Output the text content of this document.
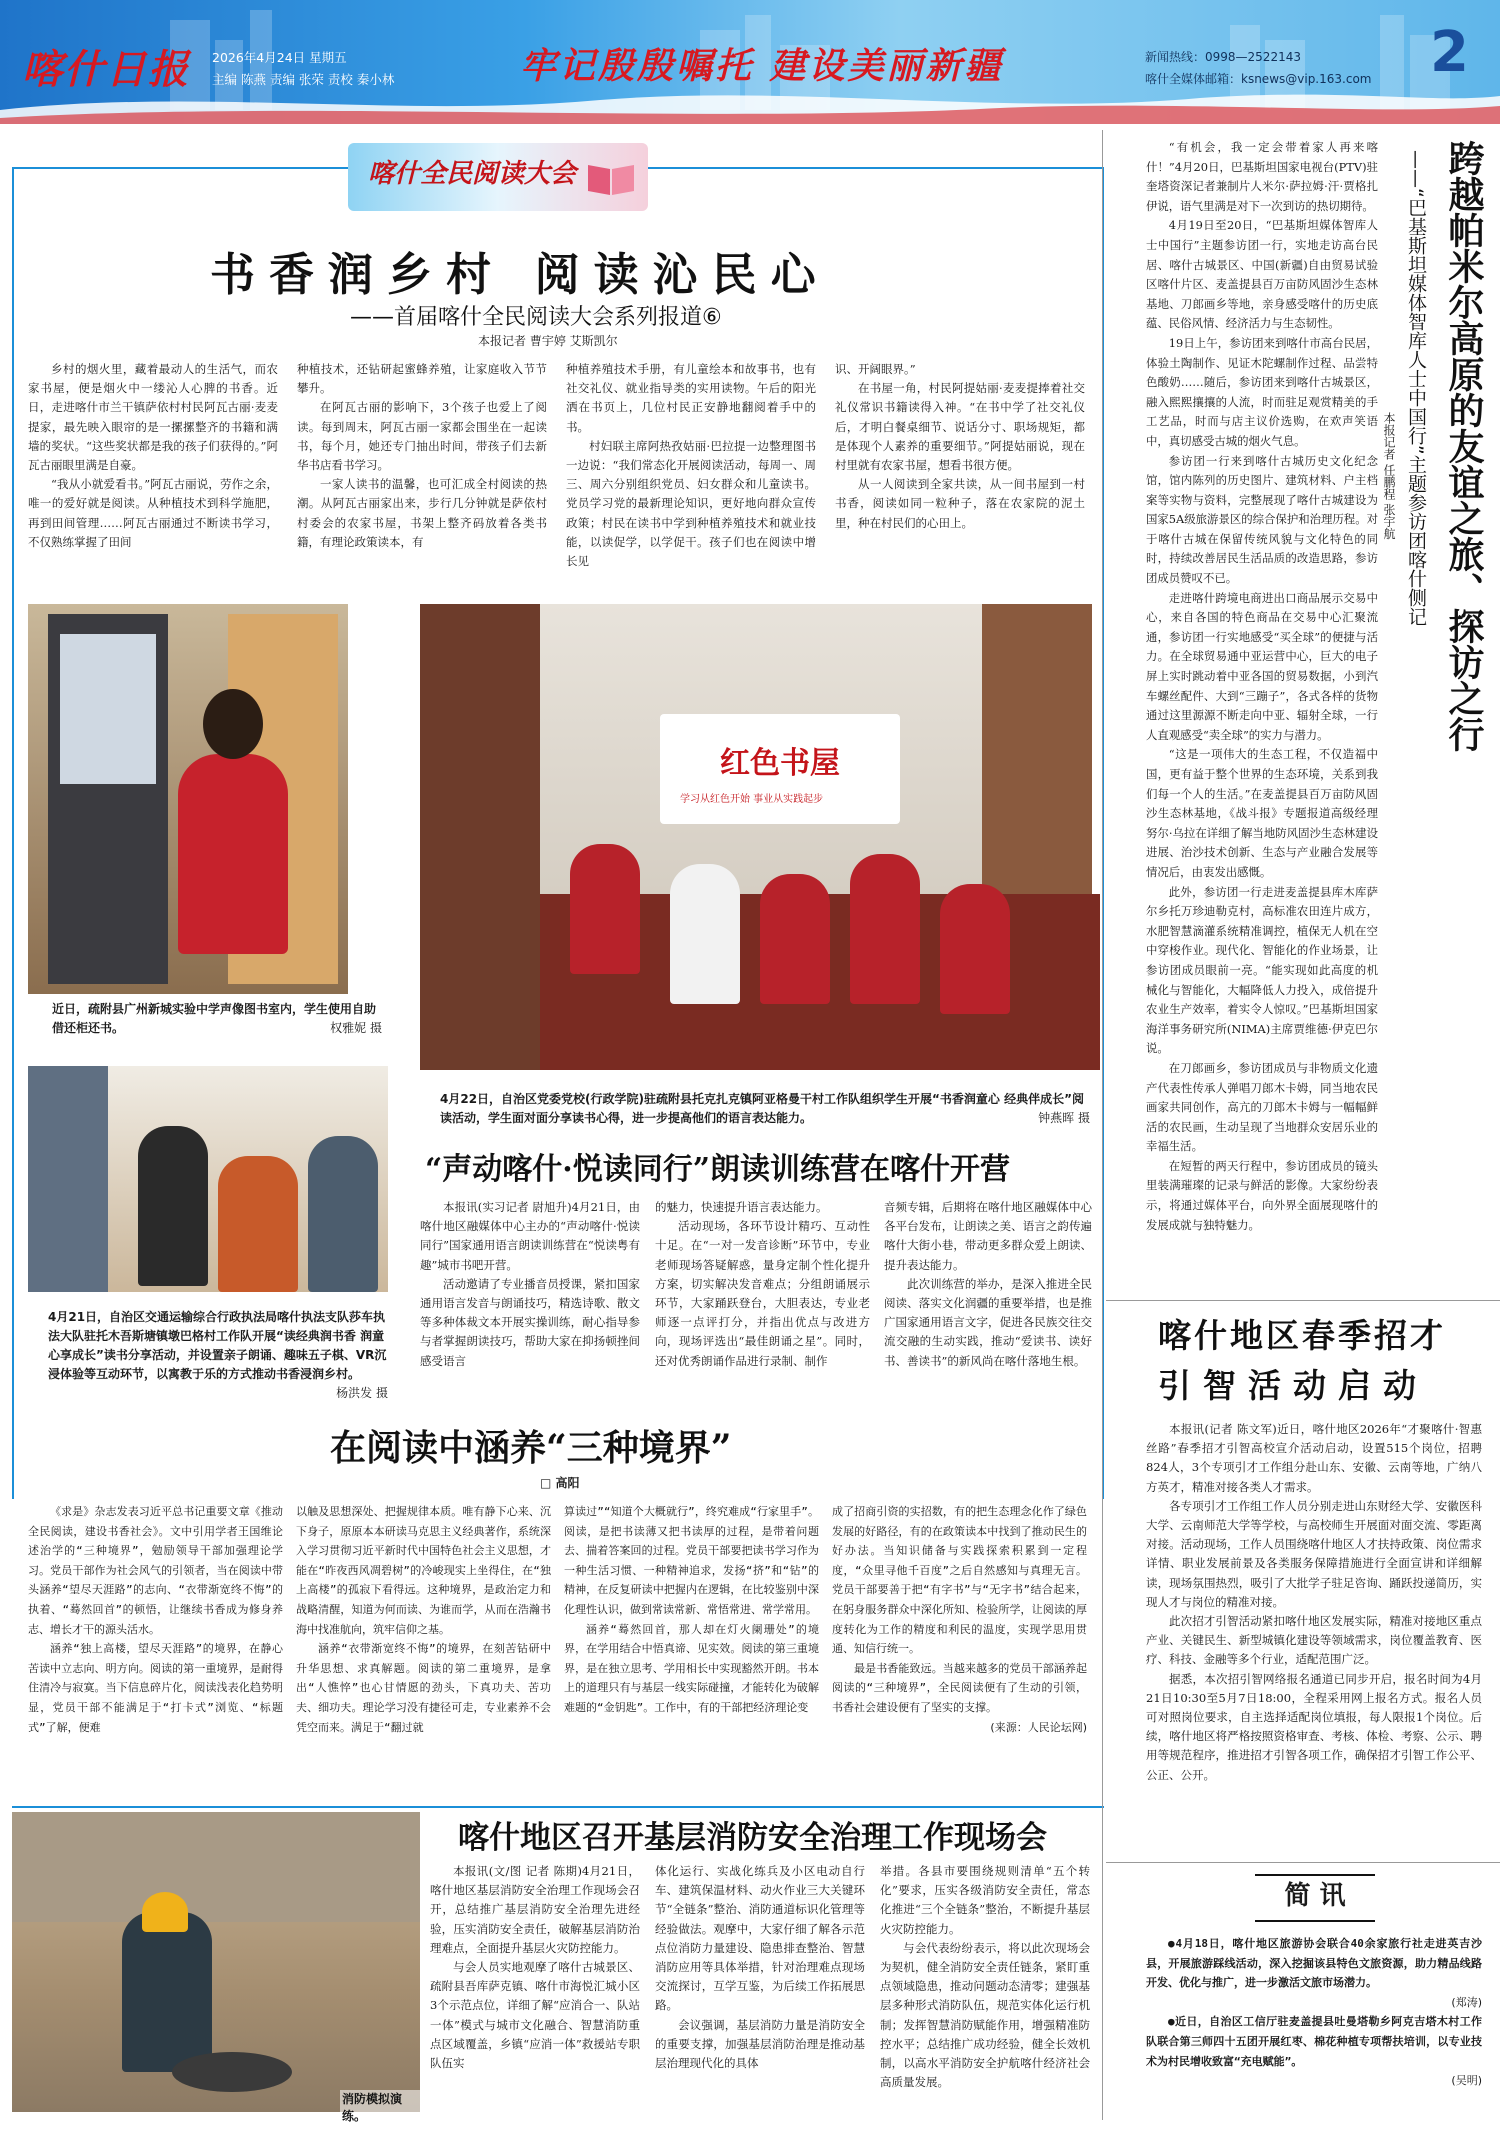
喀什日报 2026年4月24日 星期五
主编 陈燕 责编 张荣 责校 秦小林	牢记殷殷嘱托 建设美丽新疆	新闻热线：0998—2522143
喀什全媒体邮箱：ksnews@vip.163.com 2
喀什全民阅读大会
书香润乡村 阅读沁民心
——首届喀什全民阅读大会系列报道⑥
本报记者 曹宇婷 艾斯凯尔

乡村的烟火里，藏着最动人的生活气，而农家书屋，便是烟火中一缕沁人心脾的书香。近日，走进喀什市兰干镇萨依村村民阿瓦古丽·麦麦提家，最先映入眼帘的是一摞摞整齐的书籍和满墙的奖状。“这些奖状都是我的孩子们获得的。”阿瓦古丽眼里满是自豪。

“我从小就爱看书。”阿瓦古丽说，劳作之余，唯一的爱好就是阅读。从种植技术到科学施肥，再到田间管理……阿瓦古丽通过不断读书学习，不仅熟练掌握了田间

种植技术，还钻研起蜜蜂养殖，让家庭收入节节攀升。

在阿瓦古丽的影响下，3个孩子也爱上了阅读。每到周末，阿瓦古丽一家都会围坐在一起读书，每个月，她还专门抽出时间，带孩子们去新华书店看书学习。

一家人读书的温馨，也可汇成全村阅读的热潮。从阿瓦古丽家出来，步行几分钟就是萨依村村委会的农家书屋，书架上整齐码放着各类书籍，有理论政策读本，有

种植养殖技术手册，有儿童绘本和故事书，也有社交礼仪、就业指导类的实用读物。午后的阳光洒在书页上，几位村民正安静地翻阅着手中的书。

村妇联主席阿热孜姑丽·巴拉提一边整理图书一边说：“我们常态化开展阅读活动，每周一、周三、周六分别组织党员、妇女群众和儿童读书。党员学习党的最新理论知识，更好地向群众宣传政策；村民在读书中学到种植养殖技术和就业技能，以读促学，以学促干。孩子们也在阅读中增长见

识、开阔眼界。”

在书屋一角，村民阿提姑丽·麦麦提捧着社交礼仪常识书籍读得入神。“在书中学了社交礼仪后，才明白餐桌细节、说话分寸、职场规矩，都是体现个人素养的重要细节。”阿提姑丽说，现在村里就有农家书屋，想看书很方便。

从一人阅读到全家共读，从一间书屋到一村书香，阅读如同一粒种子，落在农家院的泥土里，种在村民们的心田上。

近日，疏附县广州新城实验中学声像图书室内，学生使用自助借还柜还书。	权雅妮 摄
红色书屋
学习从红色开始 事业从实践起步
4月22日，自治区党委党校(行政学院)驻疏附县托克扎克镇阿亚格曼干村工作队组织学生开展“书香润童心 经典伴成长”阅读活动，学生面对面分享读书心得，进一步提高他们的语言表达能力。	钟燕晖 摄
4月21日，自治区交通运输综合行政执法局喀什执法支队莎车执法大队驻托木吾斯塘镇墩巴格村工作队开展“读经典润书香 润童心享成长”读书分享活动，并设置亲子朗诵、趣味五子棋、VR沉浸体验等互动环节，以寓教于乐的方式推动书香浸润乡村。
杨洪发 摄
“声动喀什·悦读同行”朗读训练营在喀什开营

本报讯(实习记者 尉旭升)4月21日，由喀什地区融媒体中心主办的“声动喀什·悦读同行”国家通用语言朗读训练营在“悦读粤有趣”城市书吧开营。

活动邀请了专业播音员授课，紧扣国家通用语言发音与朗诵技巧，精选诗歌、散文等多种体裁文本开展实操训练，耐心指导参与者掌握朗读技巧，帮助大家在抑扬顿挫间感受语言

的魅力，快速提升语言表达能力。

活动现场，各环节设计精巧、互动性十足。在“一对一发音诊断”环节中，专业老师现场答疑解惑，量身定制个性化提升方案，切实解决发音难点；分组朗诵展示环节，大家踊跃登台，大胆表达，专业老师逐一点评打分，并指出优点与改进方向，现场评选出“最佳朗诵之星”。同时，还对优秀朗诵作品进行录制、制作

音频专辑，后期将在喀什地区融媒体中心各平台发布，让朗读之美、语言之韵传遍喀什大街小巷，带动更多群众爱上朗读、提升表达能力。

此次训练营的举办，是深入推进全民阅读、落实文化润疆的重要举措，也是推广国家通用语言文字，促进各民族交往交流交融的生动实践，推动“爱读书、读好书、善读书”的新风尚在喀什落地生根。

在阅读中涵养“三种境界”
□ 高阳

《求是》杂志发表习近平总书记重要文章《推动全民阅读，建设书香社会》。文中引用学者王国维论述治学的“三种境界”，勉励领导干部加强理论学习。党员干部作为社会风气的引领者，当在阅读中带头涵养“望尽天涯路”的志向、“衣带渐宽终不悔”的执着、“蓦然回首”的顿悟，让继续书香成为修身养志、增长才干的源头活水。

涵养“独上高楼，望尽天涯路”的境界，在静心苦读中立志向、明方向。阅读的第一重境界，是耐得住清冷与寂寞。当下信息碎片化，阅读浅表化趋势明显，党员干部不能满足于“打卡式”浏览、“标题式”了解，便难

以触及思想深处、把握规律本质。唯有静下心来、沉下身子，原原本本研读马克思主义经典著作，系统深入学习贯彻习近平新时代中国特色社会主义思想，才能在“昨夜西风凋碧树”的冷峻现实上坐得住，在“独上高楼”的孤寂下看得远。这种境界，是政治定力和战略清醒，知道为何而读、为谁而学，从而在浩瀚书海中找准航向，筑牢信仰之基。

涵养“衣带渐宽终不悔”的境界，在刻苦钻研中升华思想、求真解题。阅读的第二重境界，是拿出“人憔悴”也心甘情愿的劲头，下真功夫、苦功夫、细功夫。理论学习没有捷径可走，专业素养不会凭空而来。满足于“翻过就

算读过”“知道个大概就行”，终究难成“行家里手”。阅读，是把书读薄又把书读厚的过程，是带着问题去、揣着答案回的过程。党员干部要把读书学习作为一种生活习惯、一种精神追求，发扬“挤”和“钻”的精神，在反复研读中把握内在逻辑，在比较鉴别中深化理性认识，做到常读常新、常悟常进、常学常用。

涵养“蓦然回首，那人却在灯火阑珊处”的境界，在学用结合中悟真谛、见实效。阅读的第三重境界，是在独立思考、学用相长中实现豁然开朗。书本上的道理只有与基层一线实际碰撞，才能转化为破解难题的“金钥匙”。工作中，有的干部把经济理论变

成了招商引资的实招数，有的把生态理念化作了绿色发展的好路径，有的在政策读本中找到了推动民生的好办法。当知识储备与实践探索积累到一定程度，“众里寻他千百度”之后自然感知与真理无言。党员干部要善于把“有字书”与“无字书”结合起来，在躬身服务群众中深化所知、检验所学，让阅读的厚度转化为工作的精度和利民的温度，实现学思用贯通、知信行统一。

最是书香能致远。当越来越多的党员干部涵养起阅读的“三种境界”，全民阅读便有了生动的引领，书香社会建设便有了坚实的支撑。

(来源：人民论坛网)
消防模拟演练。
喀什地区召开基层消防安全治理工作现场会

本报讯(文/图 记者 陈期)4月21日，喀什地区基层消防安全治理工作现场会召开，总结推广基层消防安全治理先进经验，压实消防安全责任，破解基层消防治理难点，全面提升基层火灾防控能力。

与会人员实地观摩了喀什古城景区、疏附县吾库萨克镇、喀什市海悦汇城小区3个示范点位，详细了解“应消合一、队站一体”模式与城市文化融合、智慧消防重点区域覆盖，乡镇“应消一体”救援站专职队伍实

体化运行、实战化练兵及小区电动自行车、建筑保温材料、动火作业三大关键环节“全链条”整治、消防通道标识化管理等经验做法。观摩中，大家仔细了解各示范点位消防力量建设、隐患排查整治、智慧消防应用等具体举措，针对治理难点现场交流探讨，互学互鉴，为后续工作拓展思路。

会议强调，基层消防力量是消防安全的重要支撑，加强基层消防治理是推动基层治理现代化的具体

举措。各县市要围绕规则清单“五个转化”要求，压实各级消防安全责任，常态化推进“三个全链条”整治，不断提升基层火灾防控能力。

与会代表纷纷表示，将以此次现场会为契机，健全消防安全责任链条，紧盯重点领域隐患，推动问题动态清零；建强基层多种形式消防队伍，规范实体化运行机制；发挥智慧消防赋能作用，增强精准防控水平；总结推广成功经验，健全长效机制，以高水平消防安全护航喀什经济社会高质量发展。

“有机会，我一定会带着家人再来喀什！”4月20日，巴基斯坦国家电视台(PTV)驻奎塔资深记者兼制片人米尔·萨拉姆·汗·贾格扎伊说，语气里满是对下一次到访的热切期待。

4月19日至20日，“巴基斯坦媒体智库人士中国行”主题参访团一行，实地走访高台民居、喀什古城景区、中国(新疆)自由贸易试验区喀什片区、麦盖提县百万亩防风固沙生态林基地、刀郎画乡等地，亲身感受喀什的历史底蕴、民俗风情、经济活力与生态韧性。

19日上午，参访团来到喀什市高台民居，体验土陶制作、见证木陀螺制作过程、品尝特色酸奶……随后，参访团来到喀什古城景区，融入熙熙攘攘的人流，时而驻足观赏精美的手工艺品，时而与店主议价选购，在欢声笑语中，真切感受古城的烟火气息。

参访团一行来到喀什古城历史文化纪念馆，馆内陈列的历史图片、建筑材料、户主档案等实物与资料，完整展现了喀什古城建设为国家5A级旅游景区的综合保护和治理历程。对于喀什古城在保留传统风貌与文化特色的同时，持续改善居民生活品质的改造思路，参访团成员赞叹不已。

走进喀什跨境电商进出口商品展示交易中心，来自各国的特色商品在交易中心汇聚流通，参访团一行实地感受“买全球”的便捷与活力。在全球贸易通中亚运营中心，巨大的电子屏上实时跳动着中亚各国的贸易数据，小到汽车螺丝配件、大到“三蹦子”，各式各样的货物通过这里源源不断走向中亚、辐射全球，一行人直观感受“卖全球”的实力与潜力。

“这是一项伟大的生态工程，不仅造福中国，更有益于整个世界的生态环境，关系到我们每一个人的生活。”在麦盖提县百万亩防风固沙生态林基地，《战斗报》专题报道高级经理努尔·乌拉在详细了解当地防风固沙生态林建设进展、治沙技术创新、生态与产业融合发展等情况后，由衷发出感慨。

此外，参访团一行走进麦盖提县库木库萨尔乡托万珍迪勒克村，高标准农田连片成方，水肥智慧滴灌系统精准调控，植保无人机在空中穿梭作业。现代化、智能化的作业场景，让参访团成员眼前一亮。“能实现如此高度的机械化与智能化，大幅降低人力投入，成倍提升农业生产效率，着实令人惊叹。”巴基斯坦国家海洋事务研究所(NIMA)主席贾维德·伊克巴尔说。

在刀郎画乡，参访团成员与非物质文化遗产代表性传承人弹唱刀郎木卡姆，同当地农民画家共同创作，高亢的刀郎木卡姆与一幅幅鲜活的农民画，生动呈现了当地群众安居乐业的幸福生活。

在短暂的两天行程中，参访团成员的镜头里装满璀璨的记录与鲜活的影像。大家纷纷表示，将通过媒体平台，向外界全面展现喀什的发展成就与独特魅力。

跨越帕米尔高原的友谊之旅、探访之行
——“巴基斯坦媒体智库人士中国行”主题参访团喀什侧记
本报记者 任鹏程 张宇航
喀什地区春季招才
引智活动启动

本报讯(记者 陈文军)近日，喀什地区2026年“才聚喀什·智惠丝路”春季招才引智高校宣介活动启动，设置515个岗位，招聘824人，3个专项引才工作组分赴山东、安徽、云南等地，广纳八方英才，精准对接各类人才需求。

各专项引才工作组工作人员分别走进山东财经大学、安徽医科大学、云南师范大学等学校，与高校师生开展面对面交流、零距离对接。活动现场，工作人员围绕喀什地区人才扶持政策、岗位需求详情、职业发展前景及各类服务保障措施进行全面宣讲和详细解读，现场氛围热烈，吸引了大批学子驻足咨询、踊跃投递简历，实现人才与岗位的精准对接。

此次招才引智活动紧扣喀什地区发展实际，精准对接地区重点产业、关键民生、新型城镇化建设等领域需求，岗位覆盖教育、医疗、科技、金融等多个行业，适配范围广泛。

据悉，本次招引智网络报名通道已同步开启，报名时间为4月21日10:30至5月7日18:00，全程采用网上报名方式。报名人员可对照岗位要求，自主选择适配岗位填报，每人限报1个岗位。后续，喀什地区将严格按照资格审查、考核、体检、考察、公示、聘用等规范程序，推进招才引智各项工作，确保招才引智工作公平、公正、公开。

简 讯

●4月18日，喀什地区旅游协会联合40余家旅行社走进英吉沙县，开展旅游踩线活动，深入挖掘该县特色文旅资源，助力精品线路开发、优化与推广，进一步激活文旅市场潜力。

(郑涛)

●近日，自治区工信厅驻麦盖提县吐曼塔勒乡阿克吉塔木村工作队联合第三师四十五团开展红枣、棉花种植专项帮扶培训，以专业技术为村民增收致富“充电赋能”。

(吴明)
